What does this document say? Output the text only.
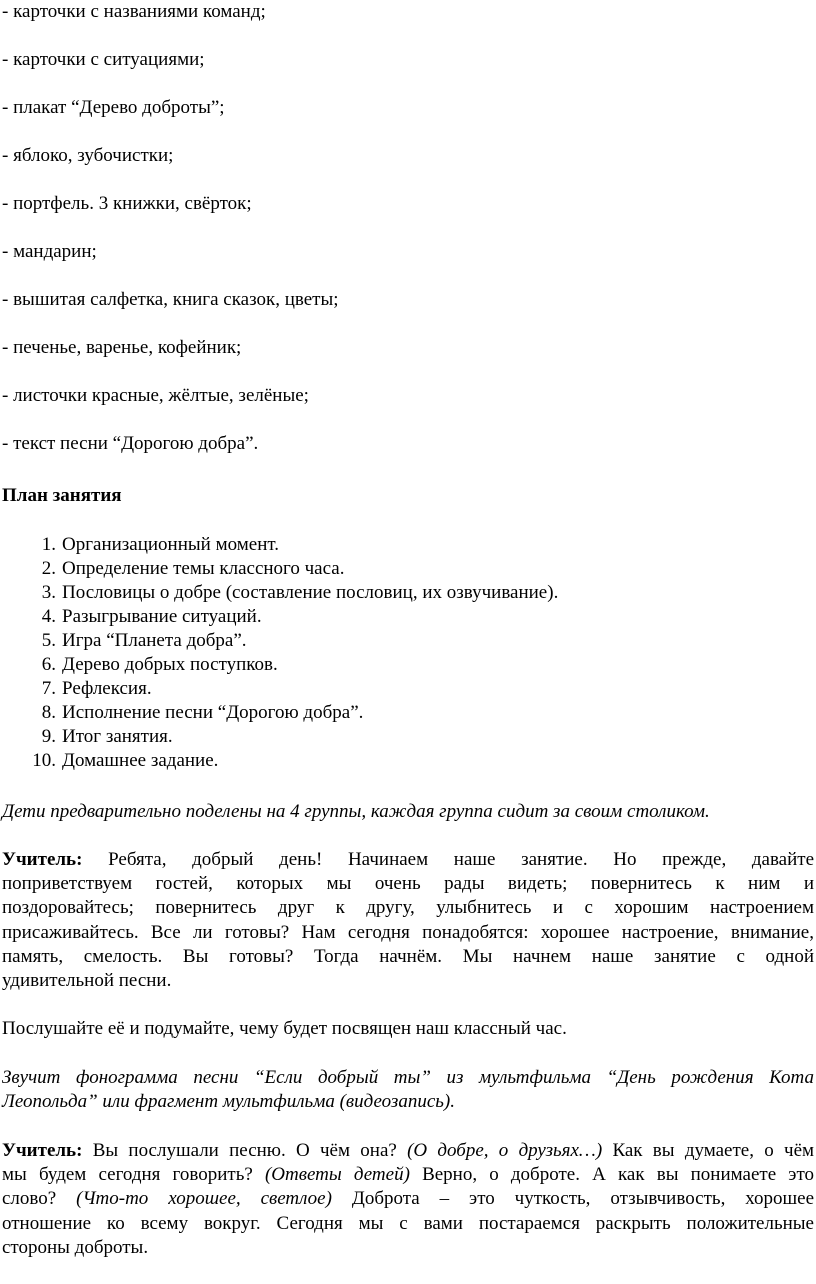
- карточки с названиями команд;
- карточки с ситуациями;
- плакат “Дерево доброты”;
- яблоко, зубочистки;
- портфель. 3 книжки, свёрток;
- мандарин;
- вышитая салфетка, книга сказок, цветы;
- печенье, варенье, кофейник;
- листочки красные, жёлтые, зелёные;
- текст песни “Дорогою добра”.
План занятия
1. Организационный момент.
2. Определение темы классного часа.
3. Пословицы о добре (составление пословиц, их озвучивание).
4. Разыгрывание ситуаций.
5. Игра “Планета добра”.
6. Дерево добрых поступков.
7. Рефлексия.
8. Исполнение песни “Дорогою добра”.
9. Итог занятия.
10. Домашнее задание.
Дети предварительно поделены на 4 группы, каждая группа сидит за своим столиком.
Учитель: Ребята, добрый день! Начинаем наше занятие. Но прежде, давайте
поприветствуем гостей, которых мы очень рады видеть; повернитесь к ним и
поздоровайтесь; повернитесь друг к другу, улыбнитесь и с хорошим настроением
присаживайтесь. Все ли готовы? Нам сегодня понадобятся: хорошее настроение, внимание,
память, смелость. Вы готовы? Тогда начнём. Мы начнем наше занятие с одной
удивительной песни.
Послушайте её и подумайте, чему будет посвящен наш классный час.
Звучит фонограмма песни “Если добрый ты” из мультфильма “День рождения Кота
Леопольда” или фрагмент мультфильма (видеозапись).
Учитель: Вы послушали песню. О чём она? (О добре, о друзьях…) Как вы думаете, о чём
мы будем сегодня говорить? (Ответы детей) Верно, о доброте. А как вы понимаете это
слово? (Что-то хорошее, светлое) Доброта – это чуткость, отзывчивость, хорошее
отношение ко всему вокруг. Сегодня мы с вами постараемся раскрыть положительные
стороны доброты.
